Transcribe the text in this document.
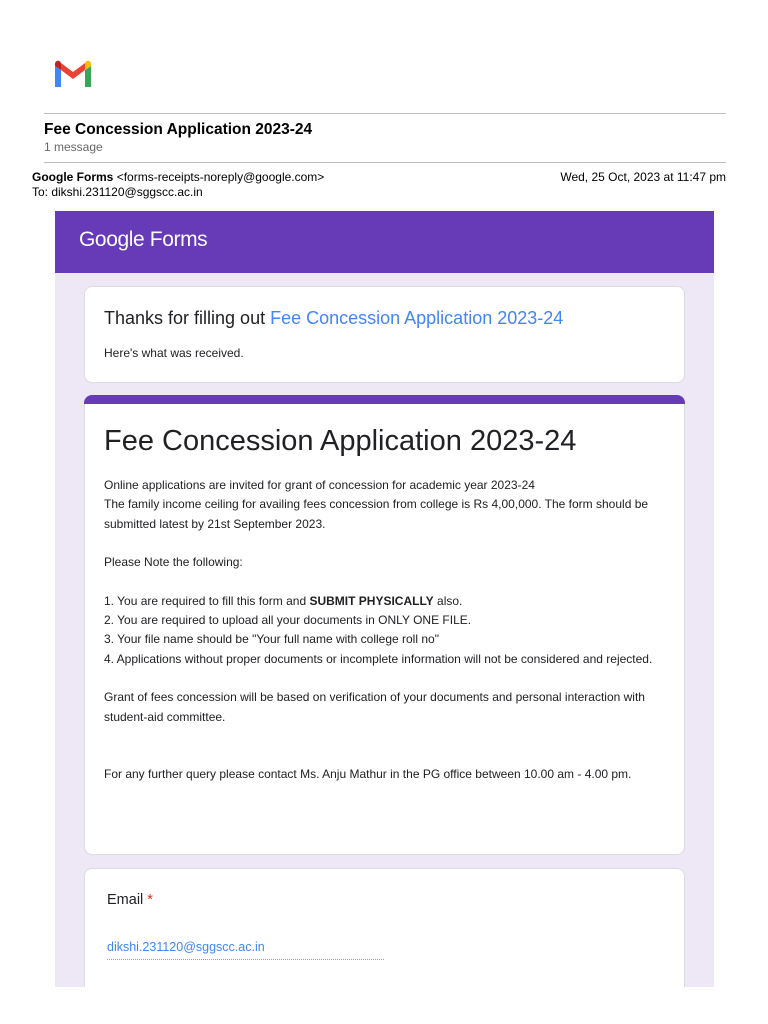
Fee Concession Application 2023-24
1 message
Google Forms <forms-receipts-noreply@google.com>
To: dikshi.231120@sggscc.ac.in
Wed, 25 Oct, 2023 at 11:47 pm
Google Forms
Thanks for filling out Fee Concession Application 2023-24
Here's what was received.
Fee Concession Application 2023-24

Online applications are invited for grant of concession for academic year 2023-24

The family income ceiling for availing fees concession from college is Rs 4,00,000. The form should be submitted latest by 21st September 2023.

Please Note the following:

1. You are required to fill this form and SUBMIT PHYSICALLY also.

2. You are required to upload all your documents in ONLY ONE FILE.

3. Your file name should be "Your full name with college roll no"

4. Applications without proper documents or incomplete information will not be considered and rejected.

Grant of fees concession will be based on verification of your documents and personal interaction with student-aid committee.

For any further query please contact Ms. Anju Mathur in the PG office between 10.00 am - 4.00 pm.

Email *
dikshi.231120@sggscc.ac.in
